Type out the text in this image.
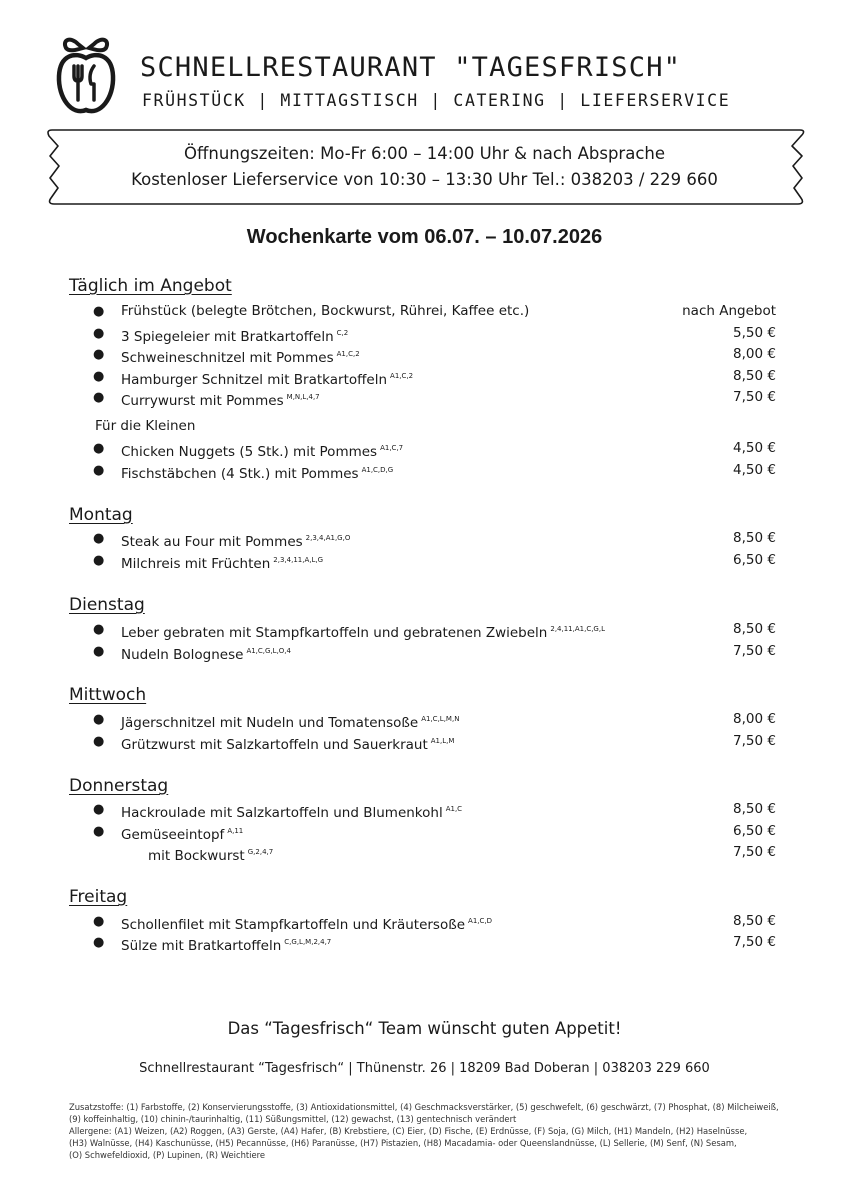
SCHNELLRESTAURANT "TAGESFRISCH"
FRÜHSTÜCK | MITTAGSTISCH | CATERING | LIEFERSERVICE
Öffnungszeiten: Mo-Fr 6:00 – 14:00 Uhr & nach Absprache
Kostenloser Lieferservice von 10:30 – 13:30 Uhr Tel.: 038203 / 229 660
Wochenkarte vom 06.07. – 10.07.2026
Täglich im Angebot
● Frühstück (belegte Brötchen, Bockwurst, Rührei, Kaffee etc.)	nach Angebot
● 3 Spiegeleier mit Bratkartoffeln $^{C,2}$	5,50 €
● Schweineschnitzel mit Pommes $^{A1,C,2}$	8,00 €
● Hamburger Schnitzel mit Bratkartoffeln $^{A1,C,2}$	8,50 €
● Currywurst mit Pommes $^{M,N,L,4,7}$	7,50 €
Für die Kleinen
● Chicken Nuggets (5 Stk.) mit Pommes $^{A1,C,7}$	4,50 €
● Fischstäbchen (4 Stk.) mit Pommes $^{A1,C,D,G}$	4,50 €
Montag
● Steak au Four mit Pommes $^{2,3,4,A1,G,O}$	8,50 €
● Milchreis mit Früchten $^{2,3,4,11,A,L,G}$	6,50 €
Dienstag
● Leber gebraten mit Stampfkartoffeln und gebratenen Zwiebeln $^{2,4,11,A1,C,G,L}$	8,50 €
● Nudeln Bolognese $^{A1,C,G,L,O,4}$	7,50 €
Mittwoch
● Jägerschnitzel mit Nudeln und Tomatensoße $^{A1,C,L,M,N}$	8,00 €
● Grützwurst mit Salzkartoffeln und Sauerkraut $^{A1,L,M}$	7,50 €
Donnerstag
● Hackroulade mit Salzkartoffeln und Blumenkohl $^{A1,C}$	8,50 €
● Gemüseeintopf $^{A,11}$	6,50 €
mit Bockwurst $^{G,2,4,7}$	7,50 €
Freitag
● Schollenfilet mit Stampfkartoffeln und Kräutersoße $^{A1,C,D}$	8,50 €
● Sülze mit Bratkartoffeln $^{C,G,L,M,2,4,7}$	7,50 €
Das “Tagesfrisch“ Team wünscht guten Appetit!
Schnellrestaurant “Tagesfrisch“ | Thünenstr. 26 | 18209 Bad Doberan | 038203 229 660
Zusatzstoffe: (1) Farbstoffe, (2) Konservierungsstoffe, (3) Antioxidationsmittel, (4) Geschmacksverstärker, (5) geschwefelt, (6) geschwärzt, (7) Phosphat, (8) Milcheiweiß,
(9) koffeinhaltig, (10) chinin-/taurinhaltig, (11) Süßungsmittel, (12) gewachst, (13) gentechnisch verändert
Allergene: (A1) Weizen, (A2) Roggen, (A3) Gerste, (A4) Hafer, (B) Krebstiere, (C) Eier, (D) Fische, (E) Erdnüsse, (F) Soja, (G) Milch, (H1) Mandeln, (H2) Haselnüsse,
(H3) Walnüsse, (H4) Kaschunüsse, (H5) Pecannüsse, (H6) Paranüsse, (H7) Pistazien, (H8) Macadamia- oder Queenslandnüsse, (L) Sellerie, (M) Senf, (N) Sesam,
(O) Schwefeldioxid, (P) Lupinen, (R) Weichtiere
